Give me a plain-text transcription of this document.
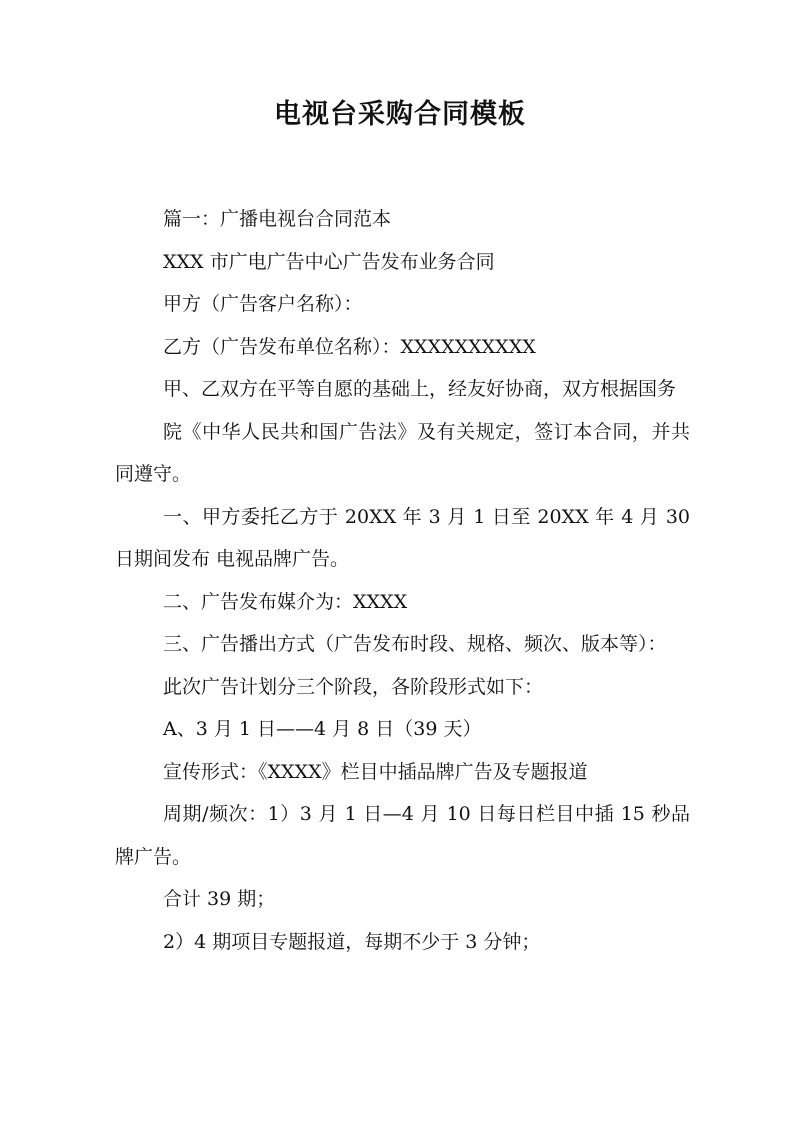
电视台采购合同模板

篇一：广播电视台合同范本

XXX 市广电广告中心广告发布业务合同

甲方（广告客户名称）：

乙方（广告发布单位名称）：XXXXXXXXXX

甲、乙双方在平等自愿的基础上，经友好协商，双方根据国务

院《中华人民共和国广告法》及有关规定，签订本合同，并共同遵守。

一、甲方委托乙方于 20XX 年 3 月 1 日至 20XX 年 4 月 30 日期间发布 电视品牌广告。

二、广告发布媒介为：XXXX

三、广告播出方式（广告发布时段、规格、频次、版本等）：

此次广告计划分三个阶段，各阶段形式如下：

A、3 月 1 日——4 月 8 日（39 天）

宣传形式：《XXXX》栏目中插品牌广告及专题报道

周期/频次：1）3 月 1 日—4 月 10 日每日栏目中插 15 秒品牌广告。

合计 39 期；

2）4 期项目专题报道，每期不少于 3 分钟；
